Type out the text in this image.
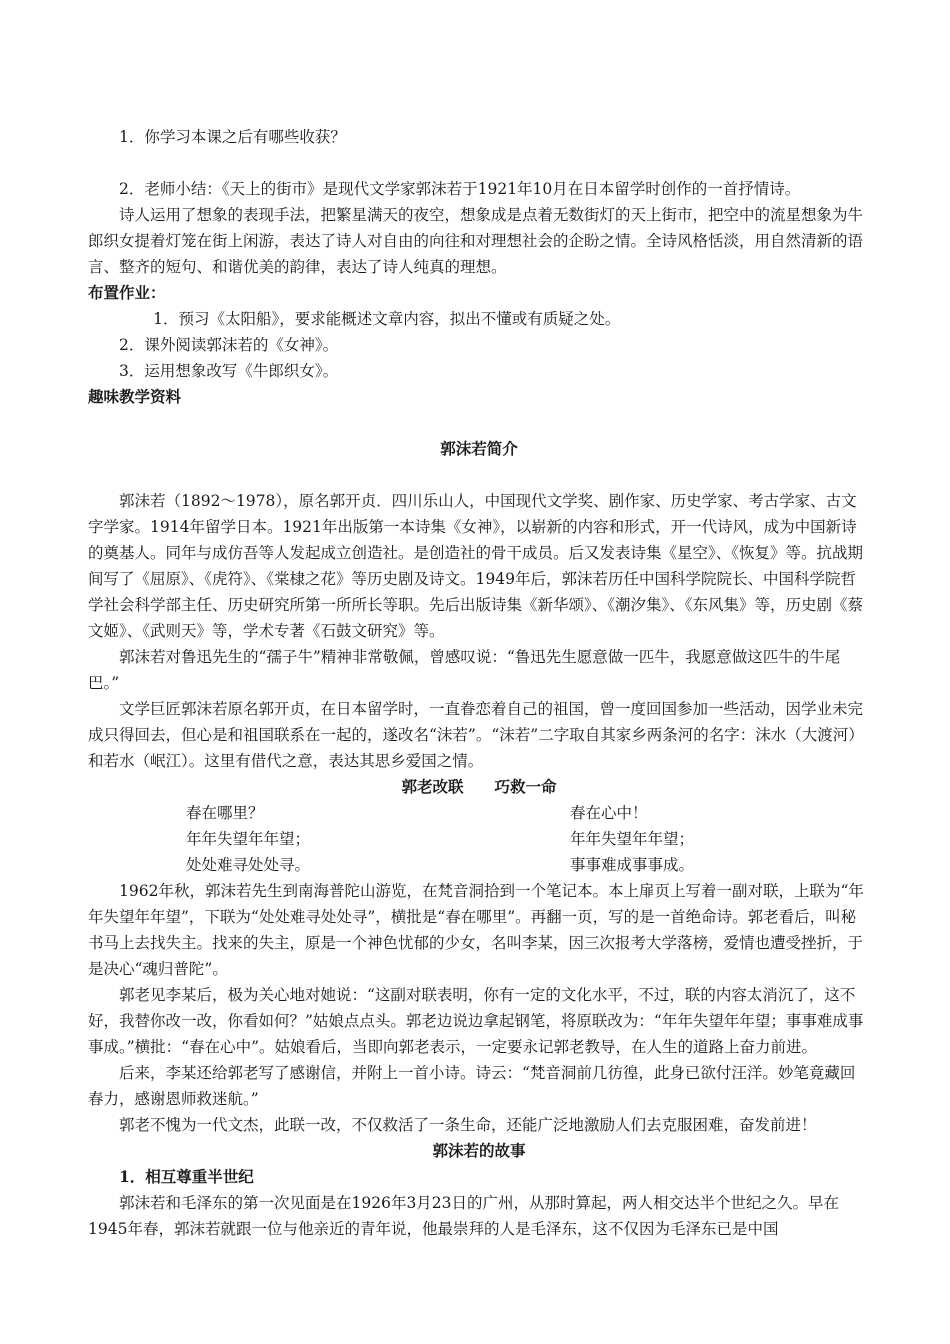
1．你学习本课之后有哪些收获？

2．老师小结：《天上的街市》是现代文学家郭沫若于1921年10月在日本留学时创作的一首抒情诗。

诗人运用了想象的表现手法，把繁星满天的夜空，想象成是点着无数街灯的天上街市，把空中的流星想象为牛郎织女提着灯笼在街上闲游，表达了诗人对自由的向往和对理想社会的企盼之情。全诗风格恬淡，用自然清新的语言、整齐的短句、和谐优美的韵律，表达了诗人纯真的理想。

布置作业：

1．预习《太阳船》，要求能概述文章内容，拟出不懂或有质疑之处。

2．课外阅读郭沫若的《女神》。

3．运用想象改写《牛郎织女》。

趣味教学资料

郭沫若简介

郭沫若（1892～1978），原名郭开贞．四川乐山人，中国现代文学奖、剧作家、历史学家、考古学家、古文字学家。1914年留学日本。1921年出版第一本诗集《女神》，以崭新的内容和形式，开一代诗风，成为中国新诗的奠基人。同年与成仿吾等人发起成立创造社。是创造社的骨干成员。后又发表诗集《星空》、《恢复》等。抗战期间写了《屈原》、《虎符》、《棠棣之花》等历史剧及诗文。1949年后，郭沫若历任中国科学院院长、中国科学院哲学社会科学部主任、历史研究所第一所所长等职。先后出版诗集《新华颂》、《潮汐集》、《东风集》等，历史剧《蔡文姬》、《武则天》等，学术专著《石鼓文研究》等。

郭沫若对鲁迅先生的“孺子牛”精神非常敬佩，曾感叹说：“鲁迅先生愿意做一匹牛，我愿意做这匹牛的牛尾巴。”

文学巨匠郭沫若原名郭开贞，在日本留学时，一直眷恋着自己的祖国，曾一度回国参加一些活动，因学业未完成只得回去，但心是和祖国联系在一起的，遂改名“沫若”。“沫若”二字取自其家乡两条河的名字：沫水（大渡河）和若水（岷江）。这里有借代之意，表达其思乡爱国之情。

郭老改联　　巧救一命

春在哪里？	春在心中！
年年失望年年望；	年年失望年年望；
处处难寻处处寻。	事事难成事事成。

1962年秋，郭沫若先生到南海普陀山游览，在梵音洞拾到一个笔记本。本上扉页上写着一副对联，上联为“年年失望年年望”，下联为“处处难寻处处寻”，横批是“春在哪里”。再翻一页，写的是一首绝命诗。郭老看后，叫秘书马上去找失主。找来的失主，原是一个神色忧郁的少女，名叫李某，因三次报考大学落榜，爱情也遭受挫折，于是决心“魂归普陀”。

郭老见李某后，极为关心地对她说：“这副对联表明，你有一定的文化水平，不过，联的内容太消沉了，这不好，我替你改一改，你看如何？”姑娘点点头。郭老边说边拿起钢笔，将原联改为：“年年失望年年望；事事难成事事成。”横批：“春在心中”。姑娘看后，当即向郭老表示，一定要永记郭老教导，在人生的道路上奋力前进。

后来，李某还给郭老写了感谢信，并附上一首小诗。诗云：“梵音洞前几彷徨，此身已欲付汪洋。妙笔竟藏回春力，感谢恩师救迷航。”

郭老不愧为一代文杰，此联一改，不仅救活了一条生命，还能广泛地激励人们去克服困难，奋发前进！

郭沫若的故事

1．相互尊重半世纪

郭沫若和毛泽东的第一次见面是在1926年3月23日的广州，从那时算起，两人相交达半个世纪之久。早在1945年春，郭沫若就跟一位与他亲近的青年说，他最崇拜的人是毛泽东，这不仅因为毛泽东已是中国
